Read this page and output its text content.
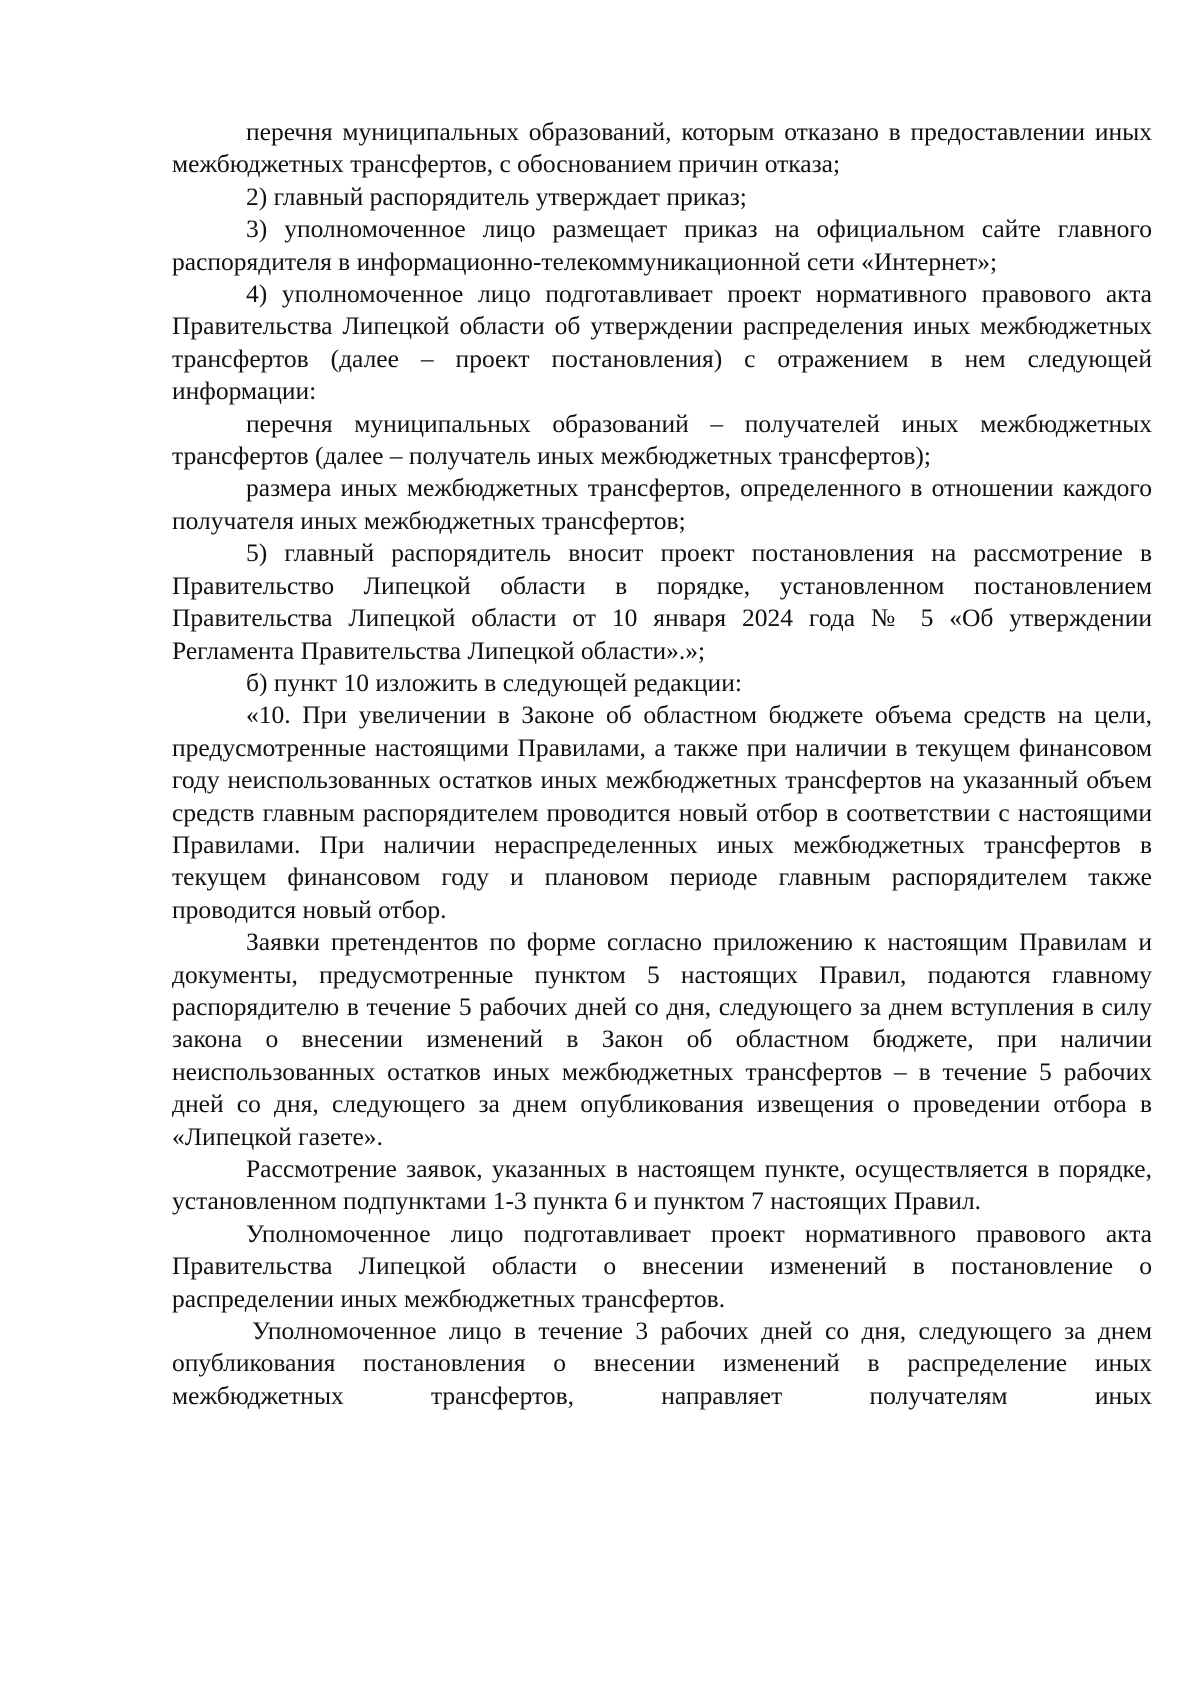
перечня муниципальных образований, которым отказано в предоставлении иных межбюджетных трансфертов, с обоснованием причин отказа;

2) главный распорядитель утверждает приказ;

3) уполномоченное лицо размещает приказ на официальном сайте главного распорядителя в информационно-телекоммуникационной сети «Интернет»;

4) уполномоченное лицо подготавливает проект нормативного правового акта Правительства Липецкой области об утверждении распределения иных межбюджетных трансфертов (далее – проект постановления) с отражением в нем следующей информации:

перечня муниципальных образований – получателей иных межбюджетных трансфертов (далее – получатель иных межбюджетных трансфертов);

размера иных межбюджетных трансфертов, определенного в отношении каждого получателя иных межбюджетных трансфертов;

5) главный распорядитель вносит проект постановления на рассмотрение в Правительство Липецкой области в порядке, установленном постановлением Правительства Липецкой области от 10 января 2024 года № 5 «Об утверждении Регламента Правительства Липецкой области».»;

б) пункт 10 изложить в следующей редакции:

«10. При увеличении в Законе об областном бюджете объема средств на цели, предусмотренные настоящими Правилами, а также при наличии в текущем финансовом году неиспользованных остатков иных межбюджетных трансфертов на указанный объем средств главным распорядителем проводится новый отбор в соответствии с настоящими Правилами. При наличии нераспределенных иных межбюджетных трансфертов в текущем финансовом году и плановом периоде главным распорядителем также проводится новый отбор.

Заявки претендентов по форме согласно приложению к настоящим Правилам и документы, предусмотренные пунктом 5 настоящих Правил, подаются главному распорядителю в течение 5 рабочих дней со дня, следующего за днем вступления в силу закона о внесении изменений в Закон об областном бюджете, при наличии неиспользованных остатков иных межбюджетных трансфертов – в течение 5 рабочих дней со дня, следующего за днем опубликования извещения о проведении отбора в «Липецкой газете».

Рассмотрение заявок, указанных в настоящем пункте, осуществляется в порядке, установленном подпунктами 1-3 пункта 6 и пунктом 7 настоящих Правил.

Уполномоченное лицо подготавливает проект нормативного правового акта Правительства Липецкой области о внесении изменений в постановление о распределении иных межбюджетных трансфертов.

Уполномоченное лицо в течение 3 рабочих дней со дня, следующего за днем опубликования постановления о внесении изменений в распределение иных межбюджетных трансфертов, направляет получателям иных
